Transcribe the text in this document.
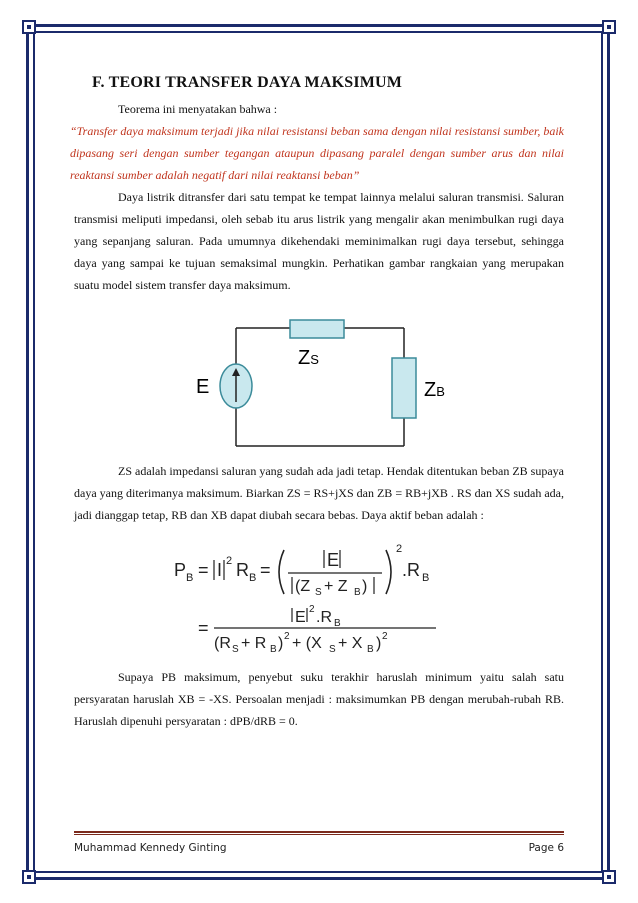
F. TEORI TRANSFER DAYA MAKSIMUM

Teorema ini menyatakan bahwa :

“Transfer daya maksimum terjadi jika nilai resistansi beban sama dengan nilai resistansi sumber, baik dipasang seri dengan sumber tegangan ataupun dipasang paralel dengan sumber arus dan nilai reaktansi sumber adalah negatif dari nilai reaktansi beban”

Daya listrik ditransfer dari satu tempat ke tempat lainnya melalui saluran transmisi. Saluran transmisi meliputi impedansi, oleh sebab itu arus listrik yang mengalir akan menimbulkan rugi daya yang sepanjang saluran. Pada umumnya dikehendaki meminimalkan rugi daya tersebut, sehingga daya yang sampai ke tujuan semaksimal mungkin. Perhatikan gambar rangkaian yang merupakan suatu model sistem transfer daya maksimum.

E
ZS
ZB

ZS adalah impedansi saluran yang sudah ada jadi tetap. Hendak ditentukan beban ZB supaya daya yang diterimanya maksimum. Biarkan ZS = RS+jXS dan ZB = RB+jXB . RS dan XS sudah ada, jadi dianggap tetap, RB dan XB dapat diubah secara bebas. Daya aktif beban adalah :

P B = I 2 R B =	E
(Z S + Z B )
2
.R B
=
E 2 .R B
(R S + R B ) 2 + (X S + X B ) 2

Supaya PB maksimum, penyebut suku terakhir haruslah minimum yaitu salah satu persyaratan haruslah XB = -XS. Persoalan menjadi : maksimumkan PB dengan merubah-rubah RB. Haruslah dipenuhi persyaratan : dPB/dRB = 0.

Muhammad Kennedy Ginting	Page 6
